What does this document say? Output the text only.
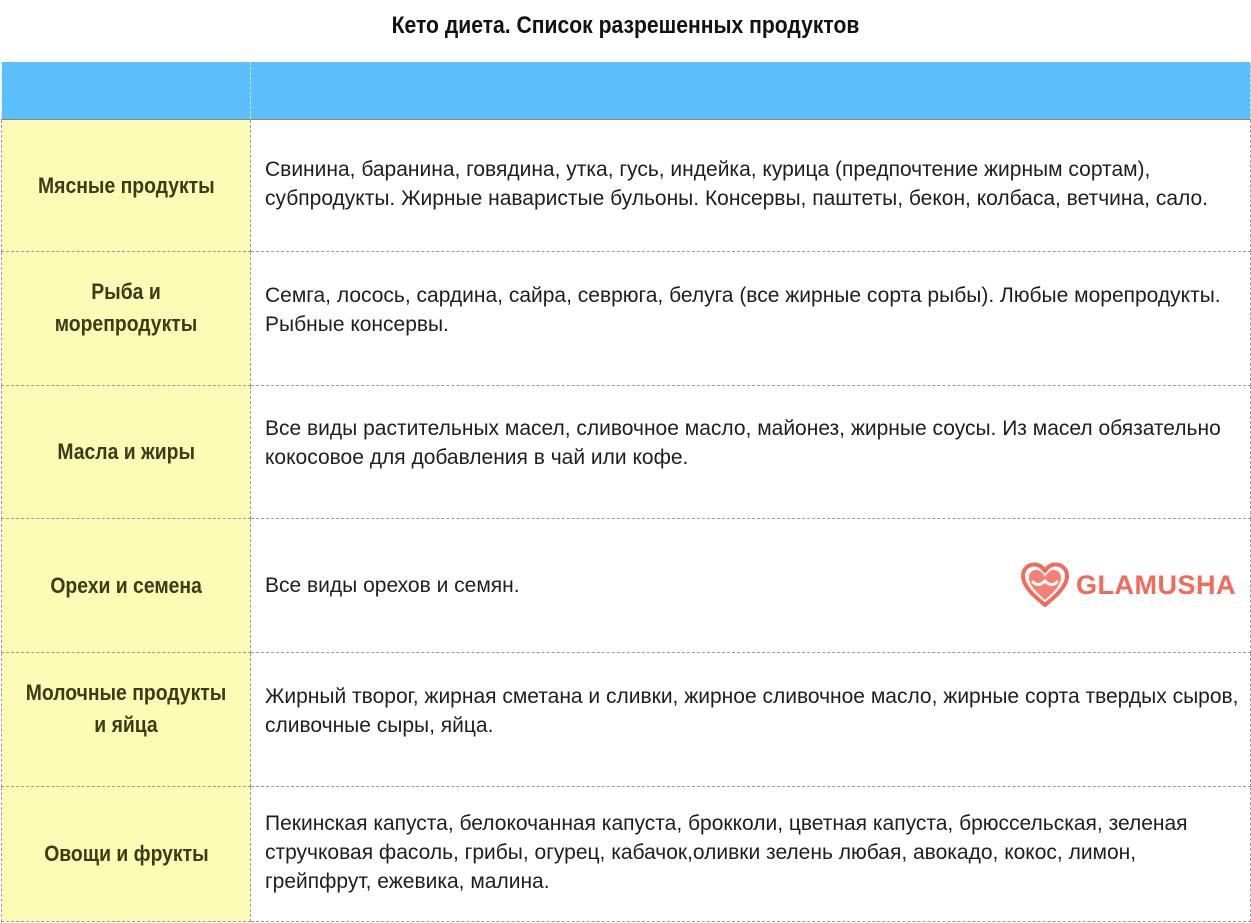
Кето диета. Список разрешенных продуктов

Мясные продукты	Свинина, баранина, говядина, утка, гусь, индейка, курица (предпочтение жирным сортам), субпродукты. Жирные наваристые бульоны. Консервы, паштеты, бекон, колбаса, ветчина, сало.

Рыба и морепродукты	Семга, лосось, сардина, сайра, севрюга, белуга (все жирные сорта рыбы). Любые морепродукты. Рыбные консервы.

Масла и жиры	Все виды растительных масел, сливочное масло, майонез, жирные соусы. Из масел обязательно кокосовое для добавления в чай или кофе.

Орехи и семена	Все виды орехов и семян. GLAMUSHA

Молочные продукты и яйца	Жирный творог, жирная сметана и сливки, жирное сливочное масло, жирные сорта твердых сыров, сливочные сыры, яйца.

Овощи и фрукты	Пекинская капуста, белокочанная капуста, брокколи, цветная капуста, брюссельская, зеленая стручковая фасоль, грибы, огурец, кабачок,оливки зелень любая, авокадо, кокос, лимон, грейпфрут, ежевика, малина.
